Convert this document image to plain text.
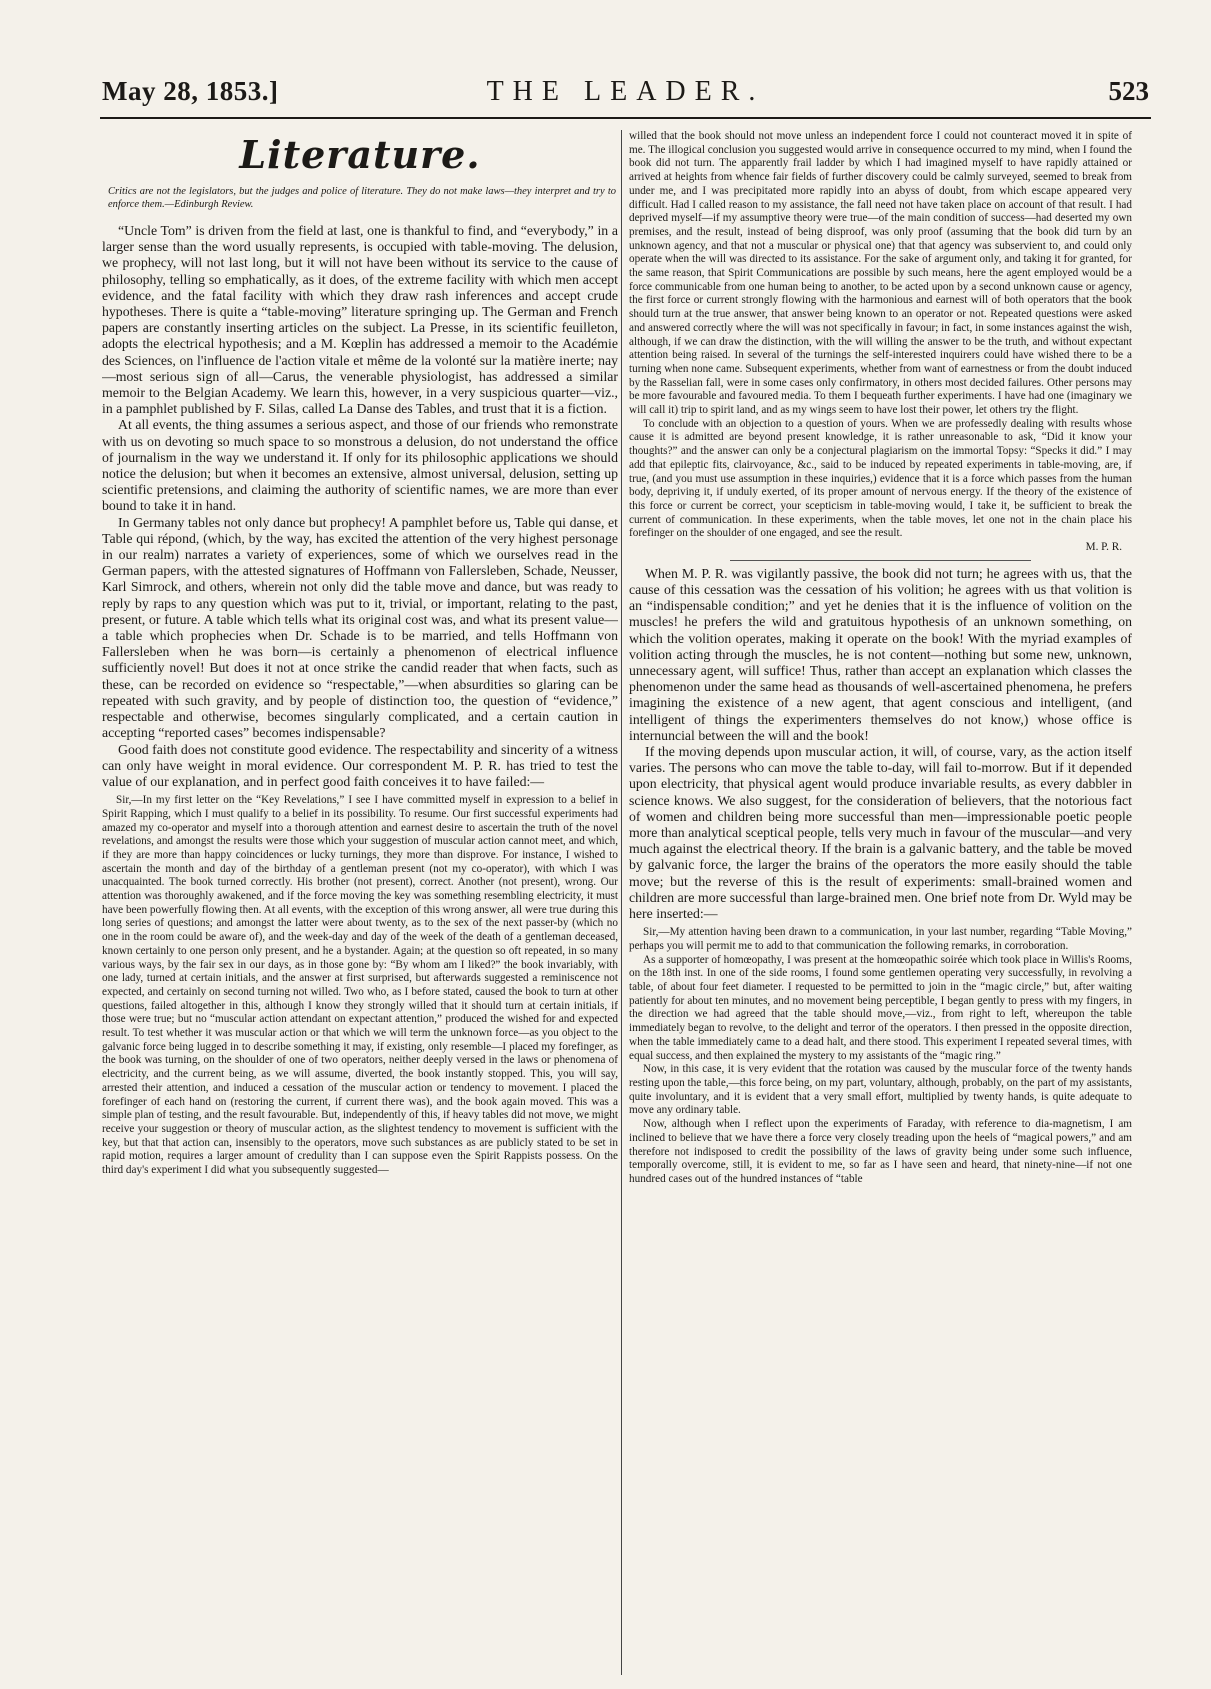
May 28, 1853.]	THE LEADER.	523
Literature.
Critics are not the legislators, but the judges and police of literature. They do not make laws—they interpret and try to enforce them.—Edinburgh Review.

“Uncle Tom” is driven from the field at last, one is thankful to find, and “everybody,” in a larger sense than the word usually represents, is occupied with table-moving. The delusion, we prophecy, will not last long, but it will not have been without its service to the cause of philosophy, telling so emphatically, as it does, of the extreme facility with which men accept evidence, and the fatal facility with which they draw rash inferences and accept crude hypotheses. There is quite a “table-moving” literature springing up. The German and French papers are constantly inserting articles on the subject. La Presse, in its scientific feuilleton, adopts the electrical hypothesis; and a M. Kœplin has addressed a memoir to the Académie des Sciences, on l'influence de l'action vitale et même de la volonté sur la matière inerte; nay—most serious sign of all—Carus, the venerable physiologist, has addressed a similar memoir to the Belgian Academy. We learn this, however, in a very suspicious quarter—viz., in a pamphlet published by F. Silas, called La Danse des Tables, and trust that it is a fiction.

At all events, the thing assumes a serious aspect, and those of our friends who remonstrate with us on devoting so much space to so monstrous a delusion, do not understand the office of journalism in the way we understand it. If only for its philosophic applications we should notice the delusion; but when it becomes an extensive, almost universal, delusion, setting up scientific pretensions, and claiming the authority of scientific names, we are more than ever bound to take it in hand.

In Germany tables not only dance but prophecy! A pamphlet before us, Table qui danse, et Table qui répond, (which, by the way, has excited the attention of the very highest personage in our realm) narrates a variety of experiences, some of which we ourselves read in the German papers, with the attested signatures of Hoffmann von Fallersleben, Schade, Neusser, Karl Simrock, and others, wherein not only did the table move and dance, but was ready to reply by raps to any question which was put to it, trivial, or important, relating to the past, present, or future. A table which tells what its original cost was, and what its present value—a table which prophecies when Dr. Schade is to be married, and tells Hoffmann von Fallersleben when he was born—is certainly a phenomenon of electrical influence sufficiently novel! But does it not at once strike the candid reader that when facts, such as these, can be recorded on evidence so “respectable,”—when absurdities so glaring can be repeated with such gravity, and by people of distinction too, the question of “evidence,” respectable and otherwise, becomes singularly complicated, and a certain caution in accepting “reported cases” becomes indispensable?

Good faith does not constitute good evidence. The respectability and sincerity of a witness can only have weight in moral evidence. Our correspondent M. P. R. has tried to test the value of our explanation, and in perfect good faith conceives it to have failed:—

Sir,—In my first letter on the “Key Revelations,” I see I have committed myself in expression to a belief in Spirit Rapping, which I must qualify to a belief in its possibility. To resume. Our first successful experiments had amazed my co-operator and myself into a thorough attention and earnest desire to ascertain the truth of the novel revelations, and amongst the results were those which your suggestion of muscular action cannot meet, and which, if they are more than happy coincidences or lucky turnings, they more than disprove. For instance, I wished to ascertain the month and day of the birthday of a gentleman present (not my co-operator), with which I was unacquainted. The book turned correctly. His brother (not present), correct. Another (not present), wrong. Our attention was thoroughly awakened, and if the force moving the key was something resembling electricity, it must have been powerfully flowing then. At all events, with the exception of this wrong answer, all were true during this long series of questions; and amongst the latter were about twenty, as to the sex of the next passer-by (which no one in the room could be aware of), and the week-day and day of the week of the death of a gentleman deceased, known certainly to one person only present, and he a bystander. Again; at the question so oft repeated, in so many various ways, by the fair sex in our days, as in those gone by: “By whom am I liked?” the book invariably, with one lady, turned at certain initials, and the answer at first surprised, but afterwards suggested a reminiscence not expected, and certainly on second turning not willed. Two who, as I before stated, caused the book to turn at other questions, failed altogether in this, although I know they strongly willed that it should turn at certain initials, if those were true; but no “muscular action attendant on expectant attention,” produced the wished for and expected result. To test whether it was muscular action or that which we will term the unknown force—as you object to the galvanic force being lugged in to describe something it may, if existing, only resemble—I placed my forefinger, as the book was turning, on the shoulder of one of two operators, neither deeply versed in the laws or phenomena of electricity, and the current being, as we will assume, diverted, the book instantly stopped. This, you will say, arrested their attention, and induced a cessation of the muscular action or tendency to movement. I placed the forefinger of each hand on (restoring the current, if current there was), and the book again moved. This was a simple plan of testing, and the result favourable. But, independently of this, if heavy tables did not move, we might receive your suggestion or theory of muscular action, as the slightest tendency to movement is sufficient with the key, but that that action can, insensibly to the operators, move such substances as are publicly stated to be set in rapid motion, requires a larger amount of credulity than I can suppose even the Spirit Rappists possess. On the third day's experiment I did what you subsequently suggested—

willed that the book should not move unless an independent force I could not counteract moved it in spite of me. The illogical conclusion you suggested would arrive in consequence occurred to my mind, when I found the book did not turn. The apparently frail ladder by which I had imagined myself to have rapidly attained or arrived at heights from whence fair fields of further discovery could be calmly surveyed, seemed to break from under me, and I was precipitated more rapidly into an abyss of doubt, from which escape appeared very difficult. Had I called reason to my assistance, the fall need not have taken place on account of that result. I had deprived myself—if my assumptive theory were true—of the main condition of success—had deserted my own premises, and the result, instead of being disproof, was only proof (assuming that the book did turn by an unknown agency, and that not a muscular or physical one) that that agency was subservient to, and could only operate when the will was directed to its assistance. For the sake of argument only, and taking it for granted, for the same reason, that Spirit Communications are possible by such means, here the agent employed would be a force communicable from one human being to another, to be acted upon by a second unknown cause or agency, the first force or current strongly flowing with the harmonious and earnest will of both operators that the book should turn at the true answer, that answer being known to an operator or not. Repeated questions were asked and answered correctly where the will was not specifically in favour; in fact, in some instances against the wish, although, if we can draw the distinction, with the will willing the answer to be the truth, and without expectant attention being raised. In several of the turnings the self-interested inquirers could have wished there to be a turning when none came. Subsequent experiments, whether from want of earnestness or from the doubt induced by the Rasselian fall, were in some cases only confirmatory, in others most decided failures. Other persons may be more favourable and favoured media. To them I bequeath further experiments. I have had one (imaginary we will call it) trip to spirit land, and as my wings seem to have lost their power, let others try the flight.

To conclude with an objection to a question of yours. When we are professedly dealing with results whose cause it is admitted are beyond present knowledge, it is rather unreasonable to ask, “Did it know your thoughts?” and the answer can only be a conjectural plagiarism on the immortal Topsy: “Specks it did.” I may add that epileptic fits, clairvoyance, &c., said to be induced by repeated experiments in table-moving, are, if true, (and you must use assumption in these inquiries,) evidence that it is a force which passes from the human body, depriving it, if unduly exerted, of its proper amount of nervous energy. If the theory of the existence of this force or current be correct, your scepticism in table-moving would, I take it, be sufficient to break the current of communication. In these experiments, when the table moves, let one not in the chain place his forefinger on the shoulder of one engaged, and see the result.

M. P. R.

When M. P. R. was vigilantly passive, the book did not turn; he agrees with us, that the cause of this cessation was the cessation of his volition; he agrees with us that volition is an “indispensable condition;” and yet he denies that it is the influence of volition on the muscles! he prefers the wild and gratuitous hypothesis of an unknown something, on which the volition operates, making it operate on the book! With the myriad examples of volition acting through the muscles, he is not content—nothing but some new, unknown, unnecessary agent, will suffice! Thus, rather than accept an explanation which classes the phenomenon under the same head as thousands of well-ascertained phenomena, he prefers imagining the existence of a new agent, that agent conscious and intelligent, (and intelligent of things the experimenters themselves do not know,) whose office is internuncial between the will and the book!

If the moving depends upon muscular action, it will, of course, vary, as the action itself varies. The persons who can move the table to-day, will fail to-morrow. But if it depended upon electricity, that physical agent would produce invariable results, as every dabbler in science knows. We also suggest, for the consideration of believers, that the notorious fact of women and children being more successful than men—impressionable poetic people more than analytical sceptical people, tells very much in favour of the muscular—and very much against the electrical theory. If the brain is a galvanic battery, and the table be moved by galvanic force, the larger the brains of the operators the more easily should the table move; but the reverse of this is the result of experiments: small-brained women and children are more successful than large-brained men. One brief note from Dr. Wyld may be here inserted:—

Sir,—My attention having been drawn to a communication, in your last number, regarding “Table Moving,” perhaps you will permit me to add to that communication the following remarks, in corroboration.

As a supporter of homœopathy, I was present at the homœopathic soirée which took place in Willis's Rooms, on the 18th inst. In one of the side rooms, I found some gentlemen operating very successfully, in revolving a table, of about four feet diameter. I requested to be permitted to join in the “magic circle,” but, after waiting patiently for about ten minutes, and no movement being perceptible, I began gently to press with my fingers, in the direction we had agreed that the table should move,—viz., from right to left, whereupon the table immediately began to revolve, to the delight and terror of the operators. I then pressed in the opposite direction, when the table immediately came to a dead halt, and there stood. This experiment I repeated several times, with equal success, and then explained the mystery to my assistants of the “magic ring.”

Now, in this case, it is very evident that the rotation was caused by the muscular force of the twenty hands resting upon the table,—this force being, on my part, voluntary, although, probably, on the part of my assistants, quite involuntary, and it is evident that a very small effort, multiplied by twenty hands, is quite adequate to move any ordinary table.

Now, although when I reflect upon the experiments of Faraday, with reference to dia-magnetism, I am inclined to believe that we have there a force very closely treading upon the heels of “magical powers,” and am therefore not indisposed to credit the possibility of the laws of gravity being under some such influence, temporally overcome, still, it is evident to me, so far as I have seen and heard, that ninety-nine—if not one hundred cases out of the hundred instances of “table
